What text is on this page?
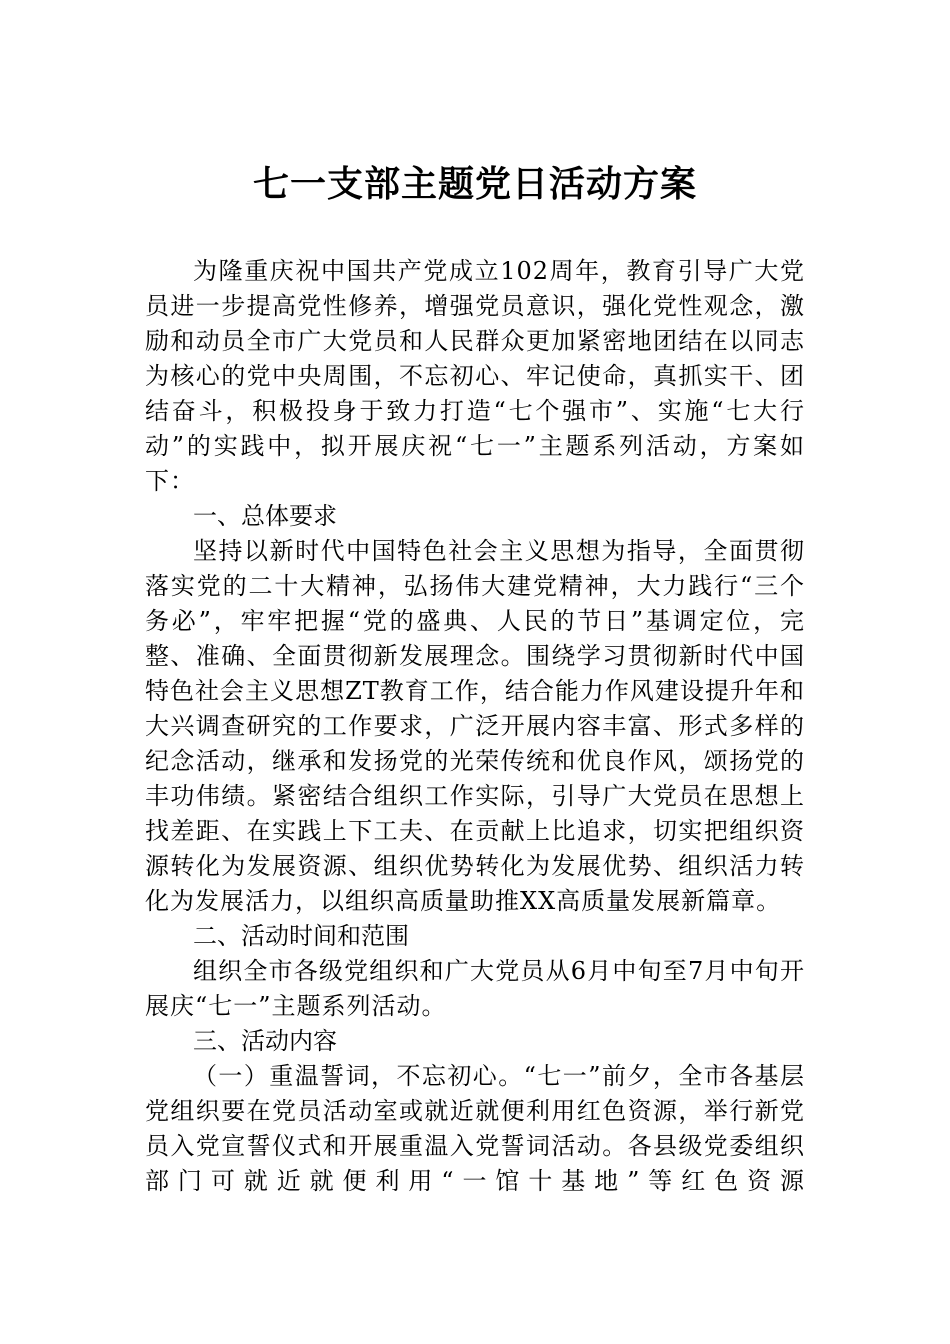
七一支部主题党日活动方案

为隆重庆祝中国共产党成立102周年，教育引导广大党员进一步提高党性修养，增强党员意识，强化党性观念，激励和动员全市广大党员和人民群众更加紧密地团结在以同志为核心的党中央周围，不忘初心、牢记使命，真抓实干、团结奋斗，积极投身于致力打造“七个强市”、实施“七大行动”的实践中，拟开展庆祝“七一”主题系列活动，方案如下：

一、总体要求

坚持以新时代中国特色社会主义思想为指导，全面贯彻落实党的二十大精神，弘扬伟大建党精神，大力践行“三个务必”，牢牢把握“党的盛典、人民的节日”基调定位，完整、准确、全面贯彻新发展理念。围绕学习贯彻新时代中国特色社会主义思想ZT教育工作，结合能力作风建设提升年和大兴调查研究的工作要求，广泛开展内容丰富、形式多样的纪念活动，继承和发扬党的光荣传统和优良作风，颂扬党的丰功伟绩。紧密结合组织工作实际，引导广大党员在思想上找差距、在实践上下工夫、在贡献上比追求，切实把组织资源转化为发展资源、组织优势转化为发展优势、组织活力转化为发展活力，以组织高质量助推XX高质量发展新篇章。

二、活动时间和范围

组织全市各级党组织和广大党员从6月中旬至7月中旬开展庆“七一”主题系列活动。

三、活动内容

（一）重温誓词，不忘初心。“七一”前夕，全市各基层党组织要在党员活动室或就近就便利用红色资源，举行新党员入党宣誓仪式和开展重温入党誓词活动。各县级党委组织部门可就近就便利用“一馆十基地”等红色资源
